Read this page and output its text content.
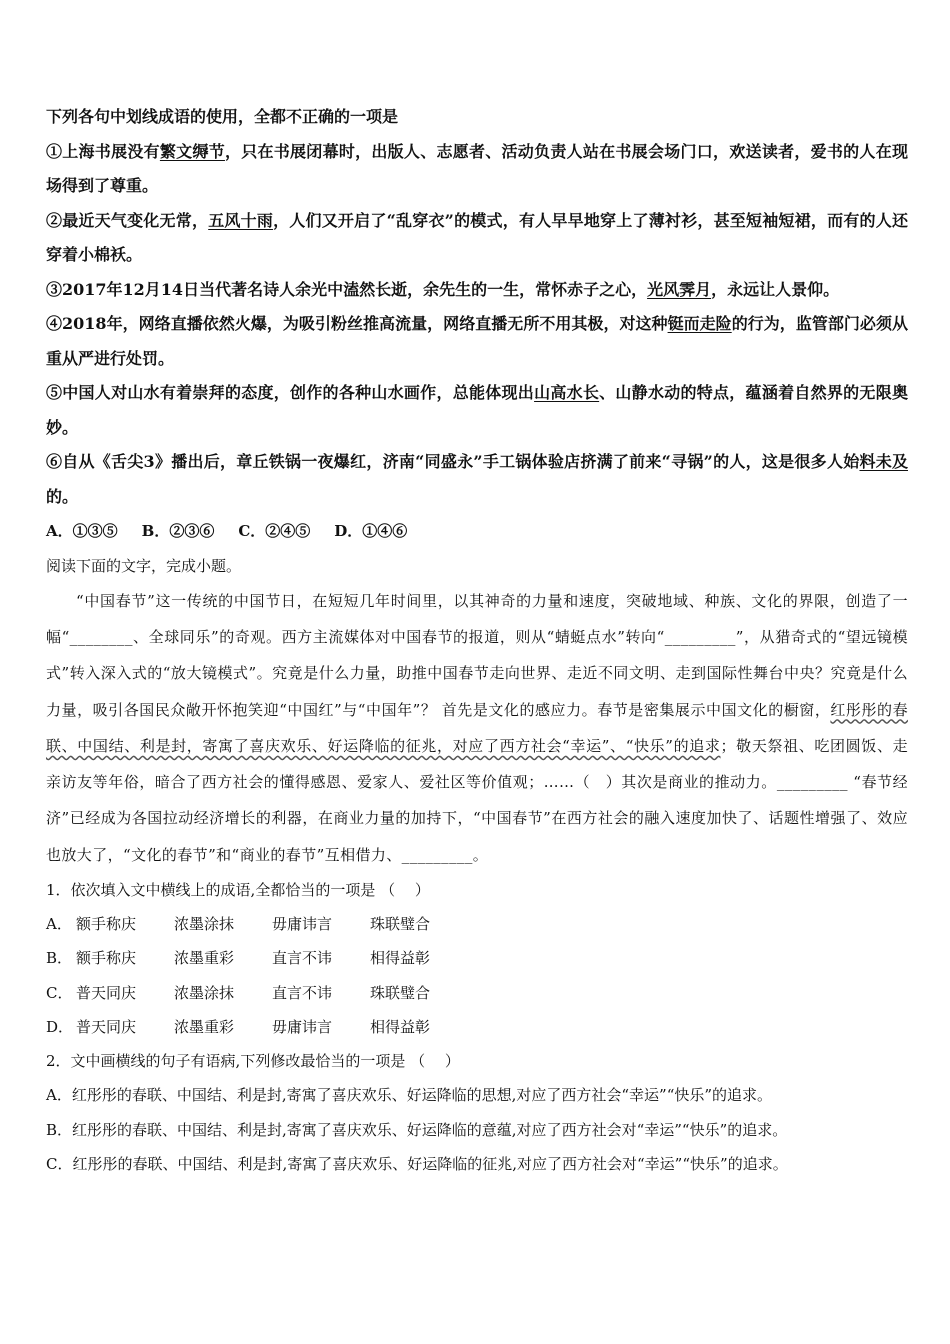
下列各句中划线成语的使用，全都不正确的一项是
①上海书展没有繁文缛节，只在书展闭幕时，出版人、志愿者、活动负责人站在书展会场门口，欢送读者，爱书的人在现场得到了尊重。
②最近天气变化无常，五风十雨，人们又开启了“乱穿衣”的模式，有人早早地穿上了薄衬衫，甚至短袖短裙，而有的人还穿着小棉袄。
③2017年12月14日当代著名诗人余光中溘然长逝，余先生的一生，常怀赤子之心，光风霁月，永远让人景仰。
④2018年，网络直播依然火爆，为吸引粉丝推高流量，网络直播无所不用其极，对这种铤而走险的行为，监管部门必须从重从严进行处罚。
⑤中国人对山水有着崇拜的态度，创作的各种山水画作，总能体现出山高水长、山静水动的特点，蕴涵着自然界的无限奥妙。
⑥自从《舌尖3》播出后，章丘铁锅一夜爆红，济南“同盛永”手工锅体验店挤满了前来“寻锅”的人，这是很多人始料未及的。
A．①③⑤ B．②③⑥ C．②④⑤ D．①④⑥
阅读下面的文字，完成小题。
“中国春节”这一传统的中国节日，在短短几年时间里，以其神奇的力量和速度，突破地域、种族、文化的界限，创造了一幅“________、全球同乐”的奇观。西方主流媒体对中国春节的报道，则从“蜻蜓点水”转向“_________”，从猎奇式的“望远镜模式”转入深入式的“放大镜模式”。究竟是什么力量，助推中国春节走向世界、走近不同文明、走到国际性舞台中央？究竟是什么力量，吸引各国民众敞开怀抱笑迎“中国红”与“中国年”？ 首先是文化的感应力。春节是密集展示中国文化的橱窗，红彤彤的春联、中国结、利是封，寄寓了喜庆欢乐、好运降临的征兆，对应了西方社会“幸运”、“快乐”的追求；敬天祭祖、吃团圆饭、走亲访友等年俗，暗合了西方社会的懂得感恩、爱家人、爱社区等价值观；……（　）其次是商业的推动力。_________ “春节经济”已经成为各国拉动经济增长的利器，在商业力量的加持下，“中国春节”在西方社会的融入速度加快了、话题性增强了、效应也放大了，“文化的春节”和“商业的春节”互相借力、_________。
1．依次填入文中横线上的成语,全都恰当的一项是 （　 ）
A． 额手称庆	浓墨涂抹	毋庸讳言	珠联璧合
B． 额手称庆	浓墨重彩	直言不讳	相得益彰
C． 普天同庆	浓墨涂抹	直言不讳	珠联璧合
D． 普天同庆	浓墨重彩	毋庸讳言	相得益彰
2．文中画横线的句子有语病,下列修改最恰当的一项是 （　 ）
A．红彤彤的春联、中国结、利是封,寄寓了喜庆欢乐、好运降临的思想,对应了西方社会“幸运”“快乐”的追求。
B．红彤彤的春联、中国结、利是封,寄寓了喜庆欢乐、好运降临的意蕴,对应了西方社会对“幸运”“快乐”的追求。
C．红彤彤的春联、中国结、利是封,寄寓了喜庆欢乐、好运降临的征兆,对应了西方社会对“幸运”“快乐”的追求。
